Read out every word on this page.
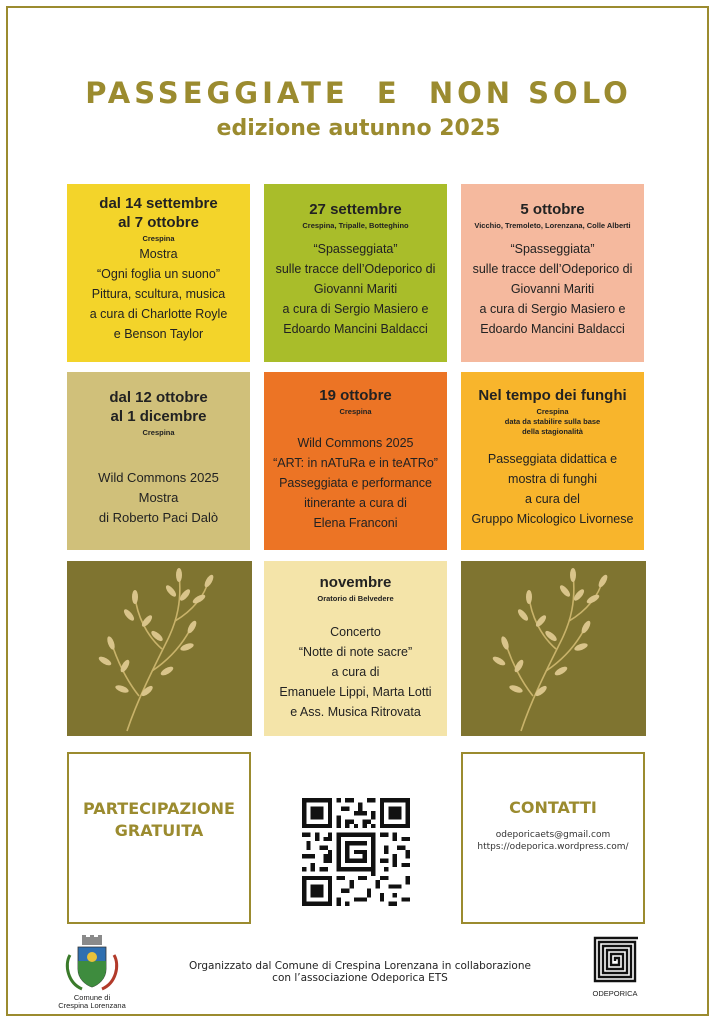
PASSEGGIATE  E  NON SOLO
edizione autunno 2025
dal 14 settembre
al 7 ottobre
Crespina
Mostra
“Ogni foglia un suono”
Pittura, scultura, musica
a cura di Charlotte Royle
e Benson Taylor
27 settembre
Crespina, Tripalle, Botteghino
“Spasseggiata”
sulle tracce dell’Odeporico di
Giovanni Mariti
a cura di Sergio Masiero e
Edoardo Mancini Baldacci
5 ottobre
Vicchio, Tremoleto, Lorenzana, Colle Alberti
“Spasseggiata”
sulle tracce dell’Odeporico di
Giovanni Mariti
a cura di Sergio Masiero e
Edoardo Mancini Baldacci
dal 12 ottobre
al 1 dicembre
Crespina
Wild Commons 2025
Mostra
di Roberto Paci Dalò
19 ottobre
Crespina
Wild Commons 2025
“ART: in nATuRa e in teATRo”
Passeggiata e performance
itinerante a cura di
Elena Franconi
Nel tempo dei funghi
Crespina
data da stabilire sulla base
della stagionalità
Passeggiata didattica e
mostra di funghi
a cura del
Gruppo Micologico Livornese
novembre
Oratorio di Belvedere
Concerto
“Notte di note sacre”
a cura di
Emanuele Lippi, Marta Lotti
e Ass. Musica Ritrovata
PARTECIPAZIONE
GRATUITA
CONTATTI
odeporicaets@gmail.com
https://odeporica.wordpress.com/
Comune di
Crespina Lorenzana
Organizzato dal Comune di Crespina Lorenzana in collaborazione
con l’associazione Odeporica ETS
ODEPORICA
